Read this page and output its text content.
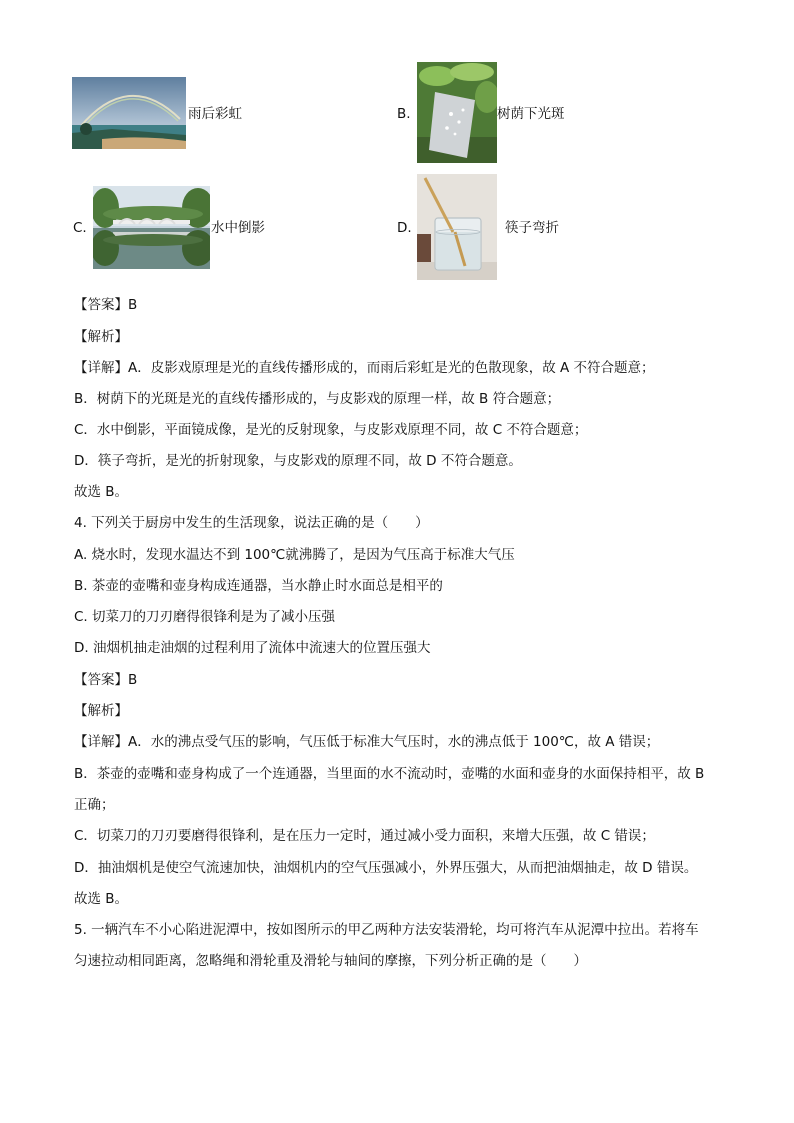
雨后彩虹	B.	树荫下光斑
C.	水中倒影	D.	筷子弯折
【答案】B
【解析】
【详解】A．皮影戏原理是光的直线传播形成的，而雨后彩虹是光的色散现象，故 A 不符合题意；
B．树荫下的光斑是光的直线传播形成的，与皮影戏的原理一样，故 B 符合题意；
C．水中倒影，平面镜成像，是光的反射现象，与皮影戏原理不同，故 C 不符合题意；
D．筷子弯折，是光的折射现象，与皮影戏的原理不同，故 D 不符合题意。
故选 B。
4. 下列关于厨房中发生的生活现象，说法正确的是（　　）
A. 烧水时，发现水温达不到 100℃就沸腾了，是因为气压高于标准大气压
B. 茶壶的壶嘴和壶身构成连通器，当水静止时水面总是相平的
C. 切菜刀的刀刃磨得很锋利是为了减小压强
D. 油烟机抽走油烟的过程利用了流体中流速大的位置压强大
【答案】B
【解析】
【详解】A．水的沸点受气压的影响，气压低于标准大气压时，水的沸点低于 100℃，故 A 错误；
B．茶壶的壶嘴和壶身构成了一个连通器，当里面的水不流动时，壶嘴的水面和壶身的水面保持相平，故 B
正确；
C．切菜刀的刀刃要磨得很锋利，是在压力一定时，通过减小受力面积，来增大压强，故 C 错误；
D．抽油烟机是使空气流速加快，油烟机内的空气压强减小，外界压强大，从而把油烟抽走，故 D 错误。
故选 B。
5. 一辆汽车不小心陷进泥潭中，按如图所示的甲乙两种方法安装滑轮，均可将汽车从泥潭中拉出。若将车
匀速拉动相同距离，忽略绳和滑轮重及滑轮与轴间的摩擦，下列分析正确的是（　　）
